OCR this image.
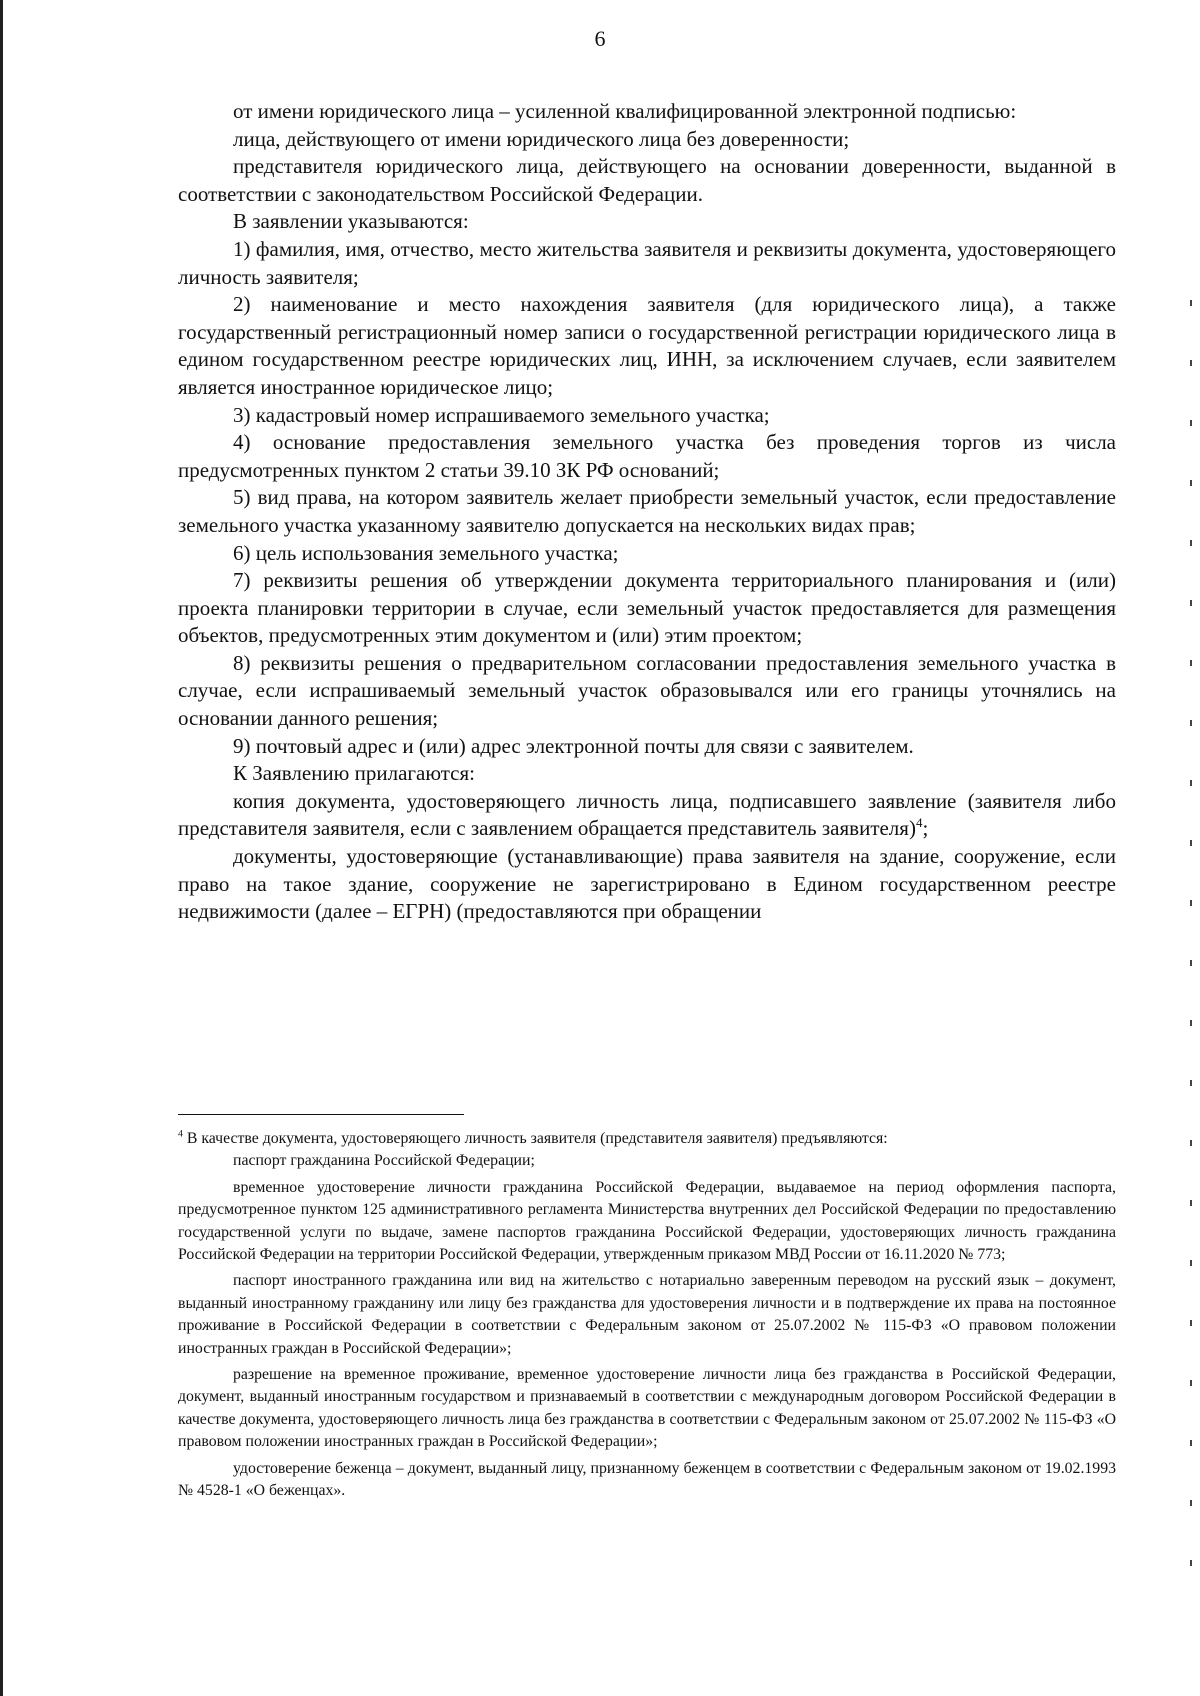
6

от имени юридического лица – усиленной квалифицированной электронной подписью:

лица, действующего от имени юридического лица без доверенности;

представителя юридического лица, действующего на основании доверенности, выданной в соответствии с законодательством Российской Федерации.

В заявлении указываются:

1) фамилия, имя, отчество, место жительства заявителя и реквизиты документа, удостоверяющего личность заявителя;

2) наименование и место нахождения заявителя (для юридического лица), а также государственный регистрационный номер записи о государственной регистрации юридического лица в едином государственном реестре юридических лиц, ИНН, за исключением случаев, если заявителем является иностранное юридическое лицо;

3) кадастровый номер испрашиваемого земельного участка;

4) основание предоставления земельного участка без проведения торгов из числа предусмотренных пунктом 2 статьи 39.10 ЗК РФ оснований;

5) вид права, на котором заявитель желает приобрести земельный участок, если предоставление земельного участка указанному заявителю допускается на нескольких видах прав;

6) цель использования земельного участка;

7) реквизиты решения об утверждении документа территориального планирования и (или) проекта планировки территории в случае, если земельный участок предоставляется для размещения объектов, предусмотренных этим документом и (или) этим проектом;

8) реквизиты решения о предварительном согласовании предоставления земельного участка в случае, если испрашиваемый земельный участок образовывался или его границы уточнялись на основании данного решения;

9) почтовый адрес и (или) адрес электронной почты для связи с заявителем.

К Заявлению прилагаются:

копия документа, удостоверяющего личность лица, подписавшего заявление (заявителя либо представителя заявителя, если с заявлением обращается представитель заявителя)$^4$;

документы, удостоверяющие (устанавливающие) права заявителя на здание, сооружение, если право на такое здание, сооружение не зарегистрировано в Едином государственном реестре недвижимости (далее – ЕГРН) (предоставляются при обращении

$^4$ В качестве документа, удостоверяющего личность заявителя (представителя заявителя) предъявляются:

паспорт гражданина Российской Федерации;

временное удостоверение личности гражданина Российской Федерации, выдаваемое на период оформления паспорта, предусмотренное пунктом 125 административного регламента Министерства внутренних дел Российской Федерации по предоставлению государственной услуги по выдаче, замене паспортов гражданина Российской Федерации, удостоверяющих личность гражданина Российской Федерации на территории Российской Федерации, утвержденным приказом МВД России от 16.11.2020 № 773;

паспорт иностранного гражданина или вид на жительство с нотариально заверенным переводом на русский язык – документ, выданный иностранному гражданину или лицу без гражданства для удостоверения личности и в подтверждение их права на постоянное проживание в Российской Федерации в соответствии с Федеральным законом от 25.07.2002 № 115-ФЗ «О правовом положении иностранных граждан в Российской Федерации»;

разрешение на временное проживание, временное удостоверение личности лица без гражданства в Российской Федерации, документ, выданный иностранным государством и признаваемый в соответствии с международным договором Российской Федерации в качестве документа, удостоверяющего личность лица без гражданства в соответствии с Федеральным законом от 25.07.2002 № 115-ФЗ «О правовом положении иностранных граждан в Российской Федерации»;

удостоверение беженца – документ, выданный лицу, признанному беженцем в соответствии с Федеральным законом от 19.02.1993 № 4528-1 «О беженцах».
